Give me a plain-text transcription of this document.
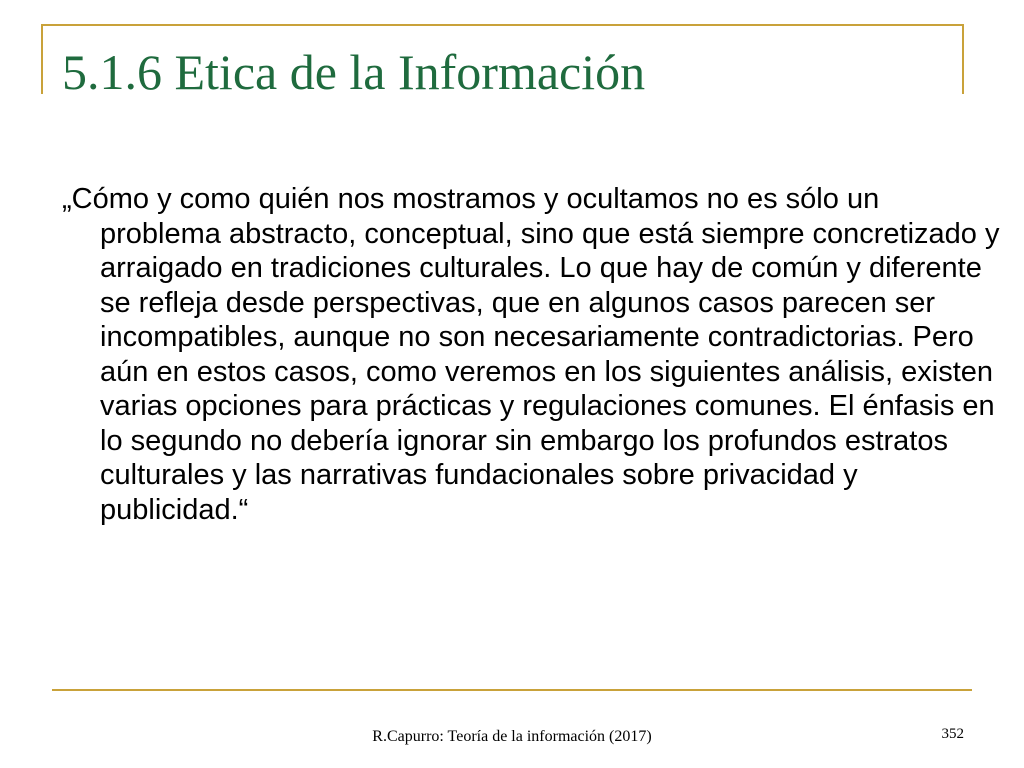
5.1.6 Etica de la Información

„Cómo y como quién nos mostramos y ocultamos no es sólo un problema abstracto, conceptual, sino que está siempre concretizado y arraigado en tradiciones culturales. Lo que hay de común y diferente se refleja desde perspectivas, que en algunos casos parecen ser incompatibles, aunque no son necesariamente contradictorias. Pero aún en estos casos, como veremos en los siguientes análisis, existen varias opciones para prácticas y regulaciones comunes. El énfasis en lo segundo no debería ignorar sin embargo los profundos estratos culturales y las narrativas fundacionales sobre privacidad y publicidad.“

R.Capurro: Teoría de la información (2017)	352
